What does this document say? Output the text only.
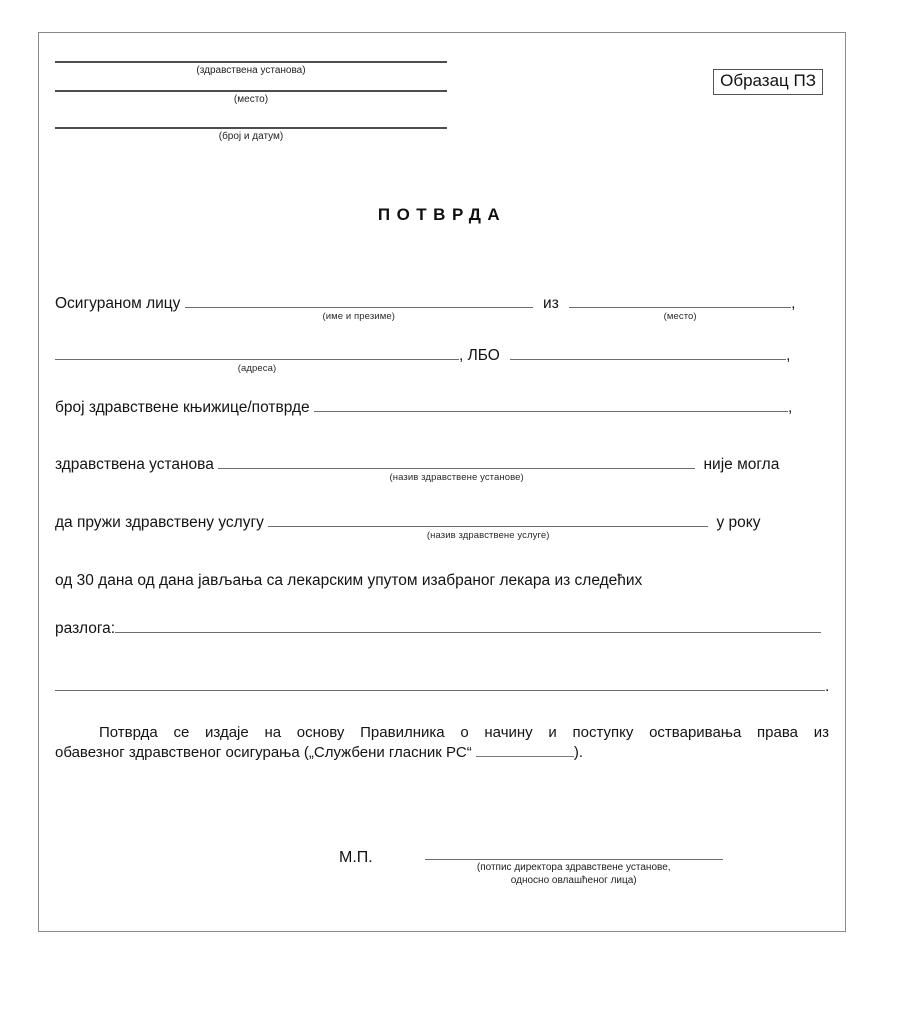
(здравствена установа)
(место)
(број и датум)
Образац ПЗ
ПОТВРДА
Осигураном лицу
(име и презиме)
из
(место)
,
(адреса)
, ЛБО	,
број здравствене књижице/потврде	,
здравствена установа
(назив здравствене установе)
није могла
да пружи здравствену услугу
(назив здравствене услуге)
у року
од 30 дана од дана јављања са лекарским упутом изабраног лекара из следећих
разлога:
.

Потврда се издаје на основу Правилника о начину и поступку остваривања права из

обавезног здравственог осигурања („Службени гласник РС“	).

М.П.
(потпис директора здравствене установе,
односно овлашћеног лица)
